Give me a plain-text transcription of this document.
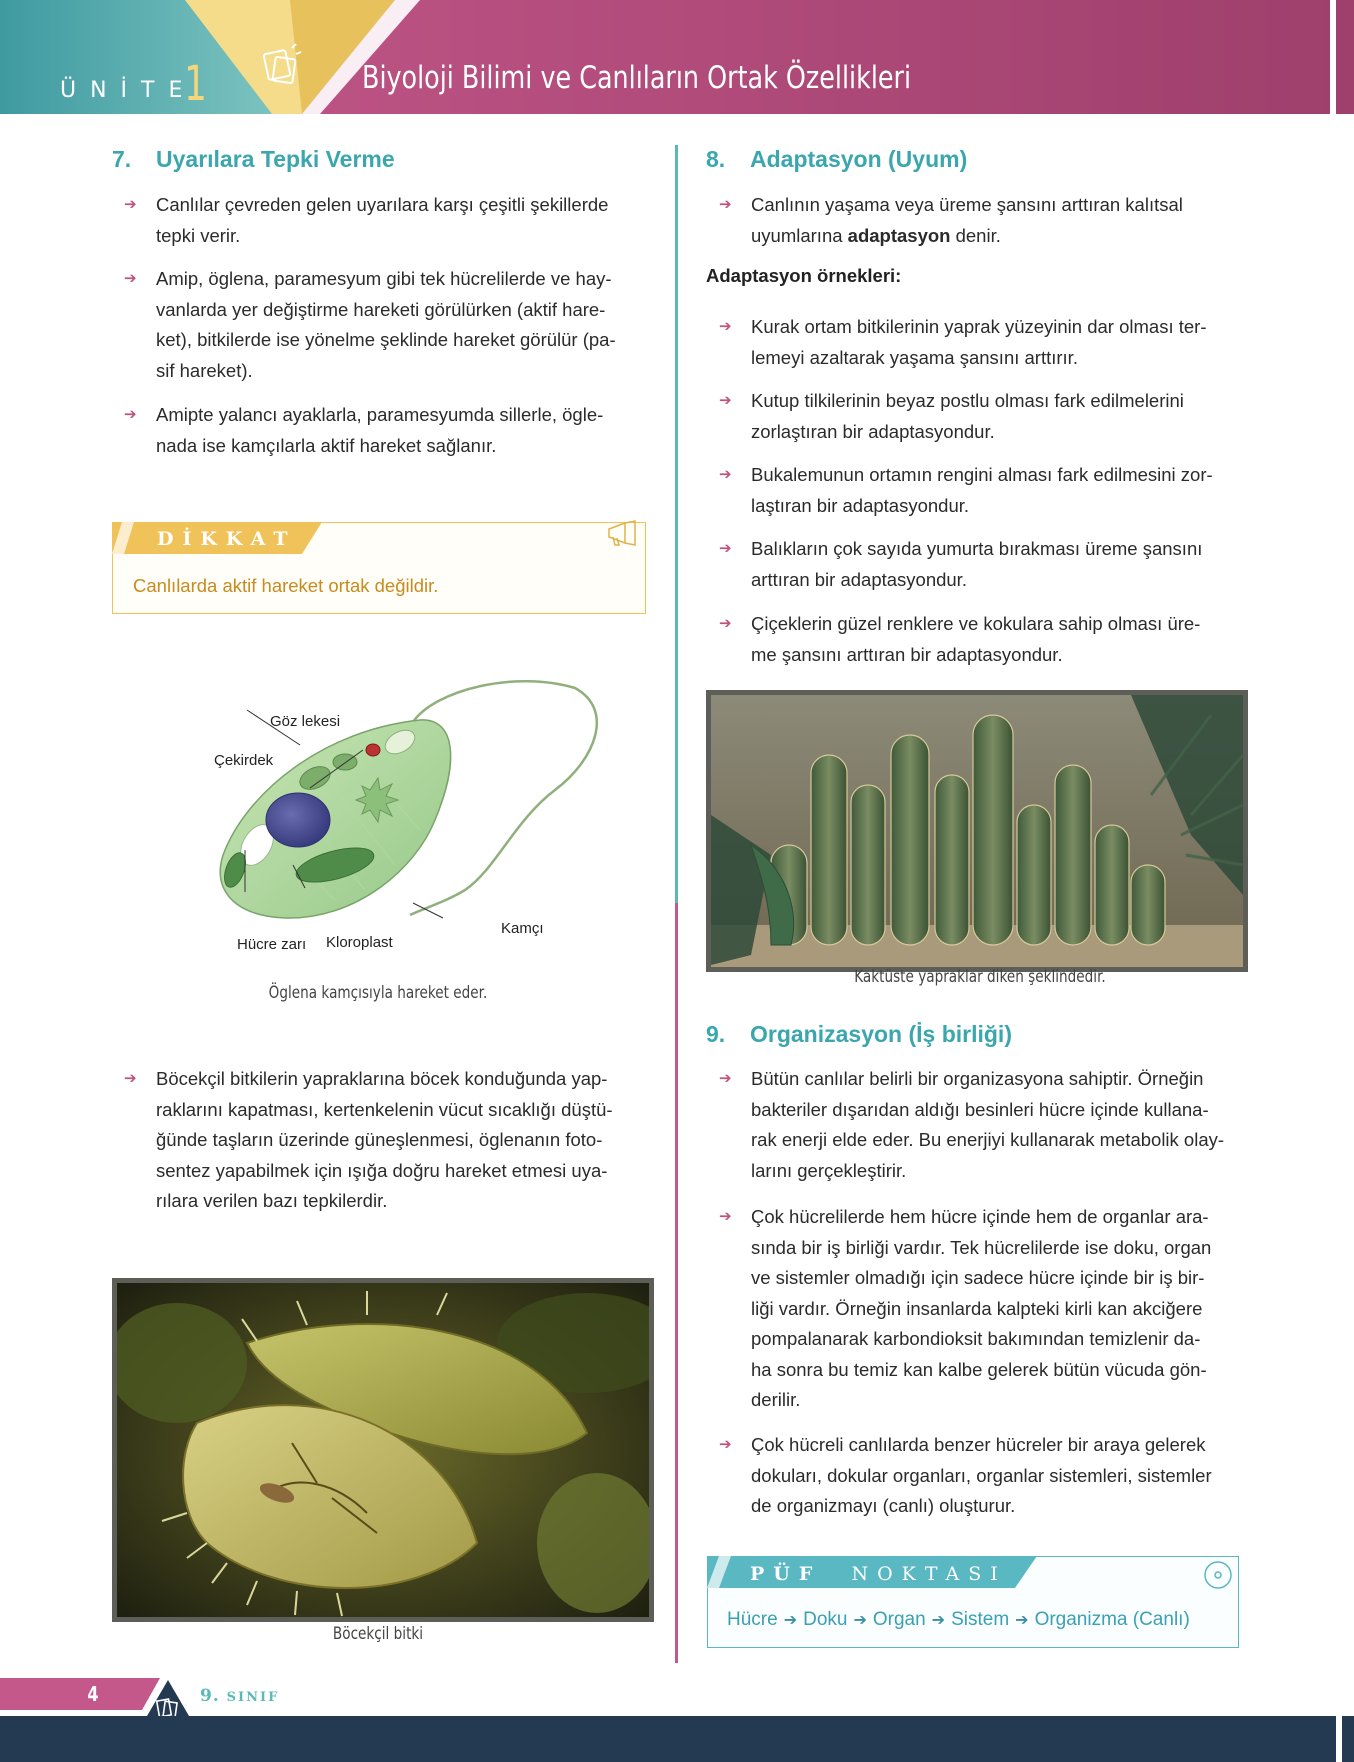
ÜNİTE
1	Biyoloji Bilimi ve Canlıların Ortak Özellikleri
7. Uyarılara Tepki Verme
➔ Canlılar çevreden gelen uyarılara karşı çeşitli şekillerde
tepki verir.
➔ Amip, öglena, paramesyum gibi tek hücrelilerde ve hay-
vanlarda yer değiştirme hareketi görülürken (aktif hare-
ket), bitkilerde ise yönelme şeklinde hareket görülür (pa-
sif hareket).
➔ Amipte yalancı ayaklarla, paramesyumda sillerle, ögle-
nada ise kamçılarla aktif hareket sağlanır.
DİKKAT
Canlılarda aktif hareket ortak değildir.
Göz lekesi
Çekirdek
Hücre zarı Kloroplast
Kamçı
Öglena kamçısıyla hareket eder.
➔ Böcekçil bitkilerin yapraklarına böcek konduğunda yap-
raklarını kapatması, kertenkelenin vücut sıcaklığı düştü-
ğünde taşların üzerinde güneşlenmesi, öglenanın foto-
sentez yapabilmek için ışığa doğru hareket etmesi uya-
rılara verilen bazı tepkilerdir.
Böcekçil bitki
8. Adaptasyon (Uyum)
➔ Canlının yaşama veya üreme şansını arttıran kalıtsal
uyumlarına adaptasyon denir.
Adaptasyon örnekleri:
➔ Kurak ortam bitkilerinin yaprak yüzeyinin dar olması ter-
lemeyi azaltarak yaşama şansını arttırır.
➔ Kutup tilkilerinin beyaz postlu olması fark edilmelerini
zorlaştıran bir adaptasyondur.
➔ Bukalemunun ortamın rengini alması fark edilmesini zor-
laştıran bir adaptasyondur.
➔ Balıkların çok sayıda yumurta bırakması üreme şansını
arttıran bir adaptasyondur.
➔ Çiçeklerin güzel renklere ve kokulara sahip olması üre-
me şansını arttıran bir adaptasyondur.
Kaktüste yapraklar diken şeklindedir.
9. Organizasyon (İş birliği)
➔ Bütün canlılar belirli bir organizasyona sahiptir. Örneğin
bakteriler dışarıdan aldığı besinleri hücre içinde kullana-
rak enerji elde eder. Bu enerjiyi kullanarak metabolik olay-
larını gerçekleştirir.
➔ Çok hücrelilerde hem hücre içinde hem de organlar ara-
sında bir iş birliği vardır. Tek hücrelilerde ise doku, organ
ve sistemler olmadığı için sadece hücre içinde bir iş bir-
liği vardır. Örneğin insanlarda kalpteki kirli kan akciğere
pompalanarak karbondioksit bakımından temizlenir da-
ha sonra bu temiz kan kalbe gelerek bütün vücuda gön-
derilir.
➔ Çok hücreli canlılarda benzer hücreler bir araya gelerek
dokuları, dokular organları, organlar sistemleri, sistemler
de organizmayı (canlı) oluşturur.
PÜF NOKTASI
Hücre ➔ Doku ➔ Organ ➔ Sistem ➔ Organizma (Canlı)
4	9. SINIF
